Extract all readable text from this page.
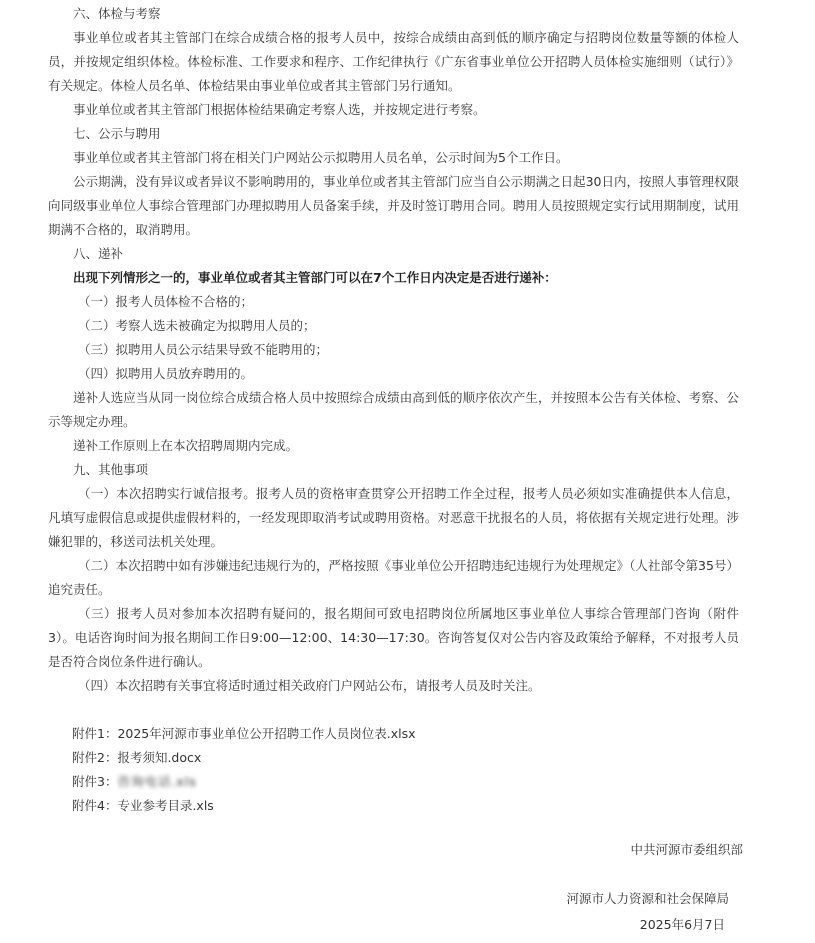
六、体检与考察

事业单位或者其主管部门在综合成绩合格的报考人员中，按综合成绩由高到低的顺序确定与招聘岗位数量等额的体检人员，并按规定组织体检。体检标准、工作要求和程序、工作纪律执行《广东省事业单位公开招聘人员体检实施细则（试行）》有关规定。体检人员名单、体检结果由事业单位或者其主管部门另行通知。

事业单位或者其主管部门根据体检结果确定考察人选，并按规定进行考察。

七、公示与聘用

事业单位或者其主管部门将在相关门户网站公示拟聘用人员名单，公示时间为5个工作日。

公示期满，没有异议或者异议不影响聘用的，事业单位或者其主管部门应当自公示期满之日起30日内，按照人事管理权限向同级事业单位人事综合管理部门办理拟聘用人员备案手续，并及时签订聘用合同。聘用人员按照规定实行试用期制度，试用期满不合格的，取消聘用。

八、递补

出现下列情形之一的，事业单位或者其主管部门可以在7个工作日内决定是否进行递补：

（一）报考人员体检不合格的；

（二）考察人选未被确定为拟聘用人员的；

（三）拟聘用人员公示结果导致不能聘用的；

（四）拟聘用人员放弃聘用的。

递补人选应当从同一岗位综合成绩合格人员中按照综合成绩由高到低的顺序依次产生，并按照本公告有关体检、考察、公示等规定办理。

递补工作原则上在本次招聘周期内完成。

九、其他事项

（一）本次招聘实行诚信报考。报考人员的资格审查贯穿公开招聘工作全过程，报考人员必须如实准确提供本人信息，凡填写虚假信息或提供虚假材料的，一经发现即取消考试或聘用资格。对恶意干扰报名的人员，将依据有关规定进行处理。涉嫌犯罪的，移送司法机关处理。

（二）本次招聘中如有涉嫌违纪违规行为的，严格按照《事业单位公开招聘违纪违规行为处理规定》（人社部令第35号）追究责任。

（三）报考人员对参加本次招聘有疑问的，报名期间可致电招聘岗位所属地区事业单位人事综合管理部门咨询（附件3）。电话咨询时间为报名期间工作日9:00—12:00、14:30—17:30。咨询答复仅对公告内容及政策给予解释，不对报考人员是否符合岗位条件进行确认。

（四）本次招聘有关事宜将适时通过相关政府门户网站公布，请报考人员及时关注。

附件1：2025年河源市事业单位公开招聘工作人员岗位表.xlsx

附件2：报考须知.docx

附件3：咨询电话.xls

附件4：专业参考目录.xls

中共河源市委组织部

河源市人力资源和社会保障局

2025年6月7日
